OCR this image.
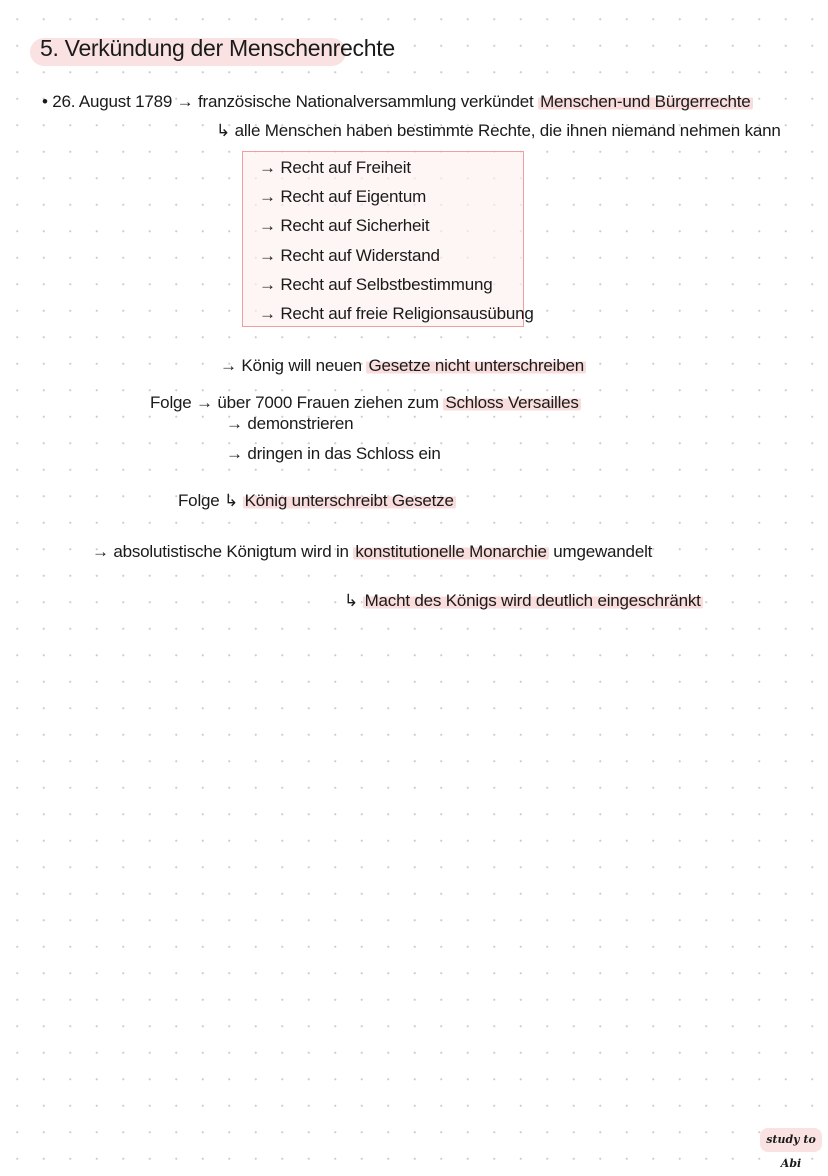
5. Verkündung der Menschenrechte
• 26. August 1789 → französische Nationalversammlung verkündet Menschen-und Bürgerrechte
↳ alle Menschen haben bestimmte Rechte, die ihnen niemand nehmen kann
→ Recht auf Freiheit
→ Recht auf Eigentum
→ Recht auf Sicherheit
→ Recht auf Widerstand
→ Recht auf Selbstbestimmung
→ Recht auf freie Religionsausübung
→ König will neuen Gesetze nicht unterschreiben
Folge → über 7000 Frauen ziehen zum Schloss Versailles
→ demonstrieren
→ dringen in das Schloss ein
Folge ↳ König unterschreibt Gesetze
→ absolutistische Königtum wird in konstitutionelle Monarchie umgewandelt
↳ Macht des Königs wird deutlich eingeschränkt
study to Abi
